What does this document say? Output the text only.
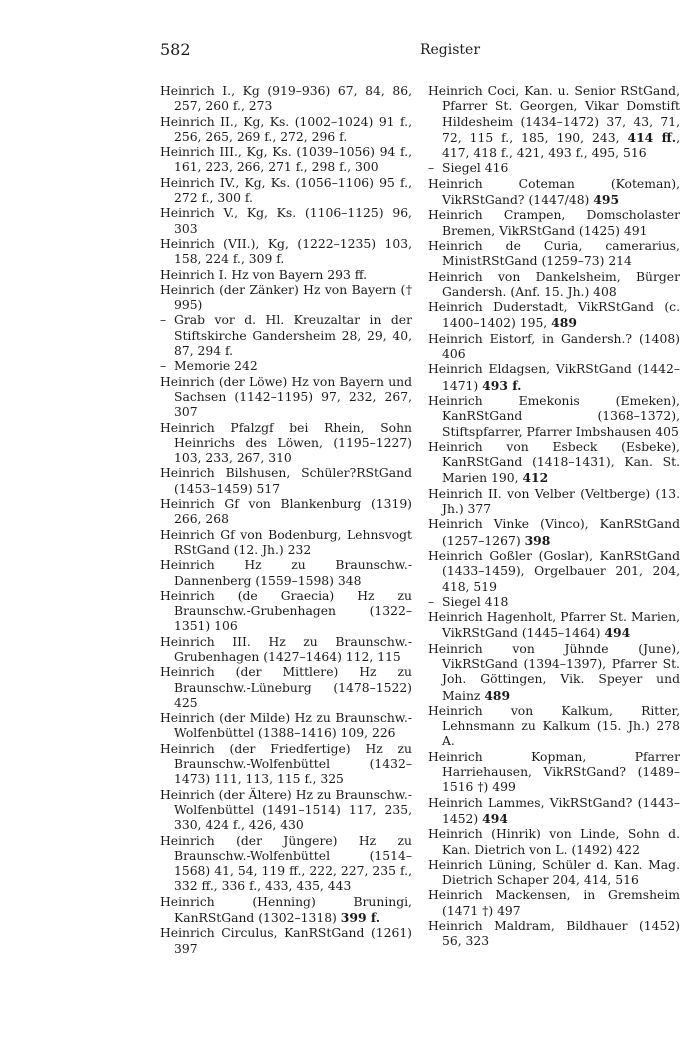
582	Register

Heinrich I., Kg (919–936) 67, 84, 86, 257, 260 f., 273

Heinrich II., Kg, Ks. (1002–1024) 91 f., 256, 265, 269 f., 272, 296 f.

Heinrich III., Kg, Ks. (1039–1056) 94 f., 161, 223, 266, 271 f., 298 f., 300

Heinrich IV., Kg, Ks. (1056–1106) 95 f., 272 f., 300 f.

Heinrich V., Kg, Ks. (1106–1125) 96, 303

Heinrich (VII.), Kg, (1222–1235) 103, 158, 224 f., 309 f.

Heinrich I. Hz von Bayern 293 ff.

Heinrich (der Zänker) Hz von Bayern († 995)

– Grab vor d. Hl. Kreuzaltar in der Stiftskirche Gandersheim 28, 29, 40, 87, 294 f.

– Memorie 242

Heinrich (der Löwe) Hz von Bayern und Sachsen (1142–1195) 97, 232, 267, 307

Heinrich Pfalzgf bei Rhein, Sohn Heinrichs des Löwen, (1195–1227) 103, 233, 267, 310

Heinrich Bilshusen, Schüler?RStGand (1453–1459) 517

Heinrich Gf von Blankenburg (1319) 266, 268

Heinrich Gf von Bodenburg, Lehnsvogt RStGand (12. Jh.) 232

Heinrich Hz zu Braunschw.-Dannenberg (1559–1598) 348

Heinrich (de Graecia) Hz zu Braunschw.-Grubenhagen (1322–1351) 106

Heinrich III. Hz zu Braunschw.-Grubenhagen (1427–1464) 112, 115

Heinrich (der Mittlere) Hz zu Braunschw.-Lüneburg (1478–1522) 425

Heinrich (der Milde) Hz zu Braunschw.-Wolfenbüttel (1388–1416) 109, 226

Heinrich (der Friedfertige) Hz zu Braunschw.-Wolfenbüttel (1432–1473) 111, 113, 115 f., 325

Heinrich (der Ältere) Hz zu Braunschw.-Wolfenbüttel (1491–1514) 117, 235, 330, 424 f., 426, 430

Heinrich (der Jüngere) Hz zu Braunschw.-Wolfenbüttel (1514–1568) 41, 54, 119 ff., 222, 227, 235 f., 332 ff., 336 f., 433, 435, 443

Heinrich (Henning) Bruningi, KanRStGand (1302–1318) 399 f.

Heinrich Circulus, KanRStGand (1261) 397

Heinrich Coci, Kan. u. Senior RStGand, Pfarrer St. Georgen, Vikar Domstift Hildesheim (1434–1472) 37, 43, 71, 72, 115 f., 185, 190, 243, 414 ff., 417, 418 f., 421, 493 f., 495, 516

– Siegel 416

Heinrich Coteman (Koteman), VikRStGand? (1447/48) 495

Heinrich Crampen, Domscholaster Bremen, VikRStGand (1425) 491

Heinrich de Curia, camerarius, MinistRStGand (1259–73) 214

Heinrich von Dankelsheim, Bürger Gandersh. (Anf. 15. Jh.) 408

Heinrich Duderstadt, VikRStGand (c. 1400–1402) 195, 489

Heinrich Eistorf, in Gandersh.? (1408) 406

Heinrich Eldagsen, VikRStGand (1442–1471) 493 f.

Heinrich Emekonis (Emeken), KanRStGand (1368–1372), Stiftspfarrer, Pfarrer Imbshausen 405

Heinrich von Esbeck (Esbeke), KanRStGand (1418–1431), Kan. St. Marien 190, 412

Heinrich II. von Velber (Veltberge) (13. Jh.) 377

Heinrich Vinke (Vinco), KanRStGand (1257–1267) 398

Heinrich Goßler (Goslar), KanRStGand (1433–1459), Orgelbauer 201, 204, 418, 519

– Siegel 418

Heinrich Hagenholt, Pfarrer St. Marien, VikRStGand (1445–1464) 494

Heinrich von Jühnde (June), VikRStGand (1394–1397), Pfarrer St. Joh. Göttingen, Vik. Speyer und Mainz 489

Heinrich von Kalkum, Ritter, Lehnsmann zu Kalkum (15. Jh.) 278 A.

Heinrich Kopman, Pfarrer Harriehausen, VikRStGand? (1489–1516 †) 499

Heinrich Lammes, VikRStGand? (1443–1452) 494

Heinrich (Hinrik) von Linde, Sohn d. Kan. Dietrich von L. (1492) 422

Heinrich Lüning, Schüler d. Kan. Mag. Dietrich Schaper 204, 414, 516

Heinrich Mackensen, in Gremsheim (1471 †) 497

Heinrich Maldram, Bildhauer (1452) 56, 323
